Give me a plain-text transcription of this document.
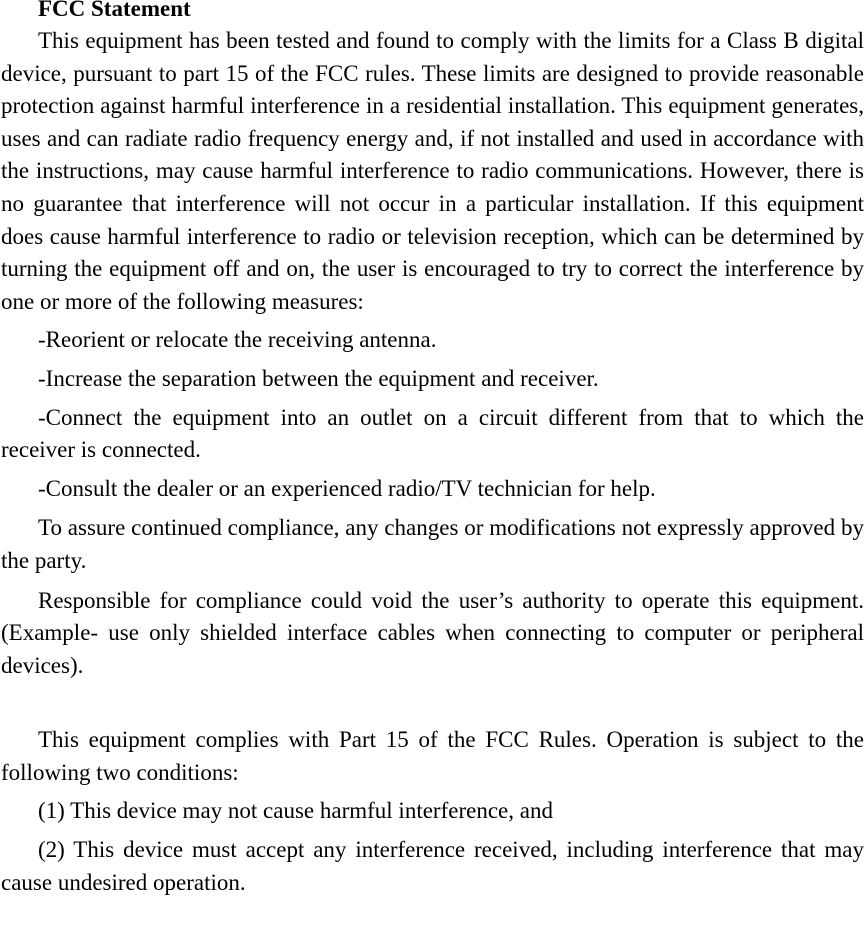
FCC Statement

This equipment has been tested and found to comply with the limits for a Class B digital device, pursuant to part 15 of the FCC rules. These limits are designed to provide reasonable protection against harmful interference in a residential installation. This equipment generates, uses and can radiate radio frequency energy and, if not installed and used in accordance with the instructions, may cause harmful interference to radio communications. However, there is no guarantee that interference will not occur in a particular installation. If this equipment does cause harmful interference to radio or television reception, which can be determined by turning the equipment off and on, the user is encouraged to try to correct the interference by one or more of the following measures:

-Reorient or relocate the receiving antenna.

-Increase the separation between the equipment and receiver.

-Connect the equipment into an outlet on a circuit different from that to which the receiver is connected.

-Consult the dealer or an experienced radio/TV technician for help.

To assure continued compliance, any changes or modifications not expressly approved by the party.

Responsible for compliance could void the user’s authority to operate this equipment. (Example- use only shielded interface cables when connecting to computer or peripheral devices).

This equipment complies with Part 15 of the FCC Rules. Operation is subject to the following two conditions:

(1) This device may not cause harmful interference, and

(2) This device must accept any interference received, including interference that may cause undesired operation.
